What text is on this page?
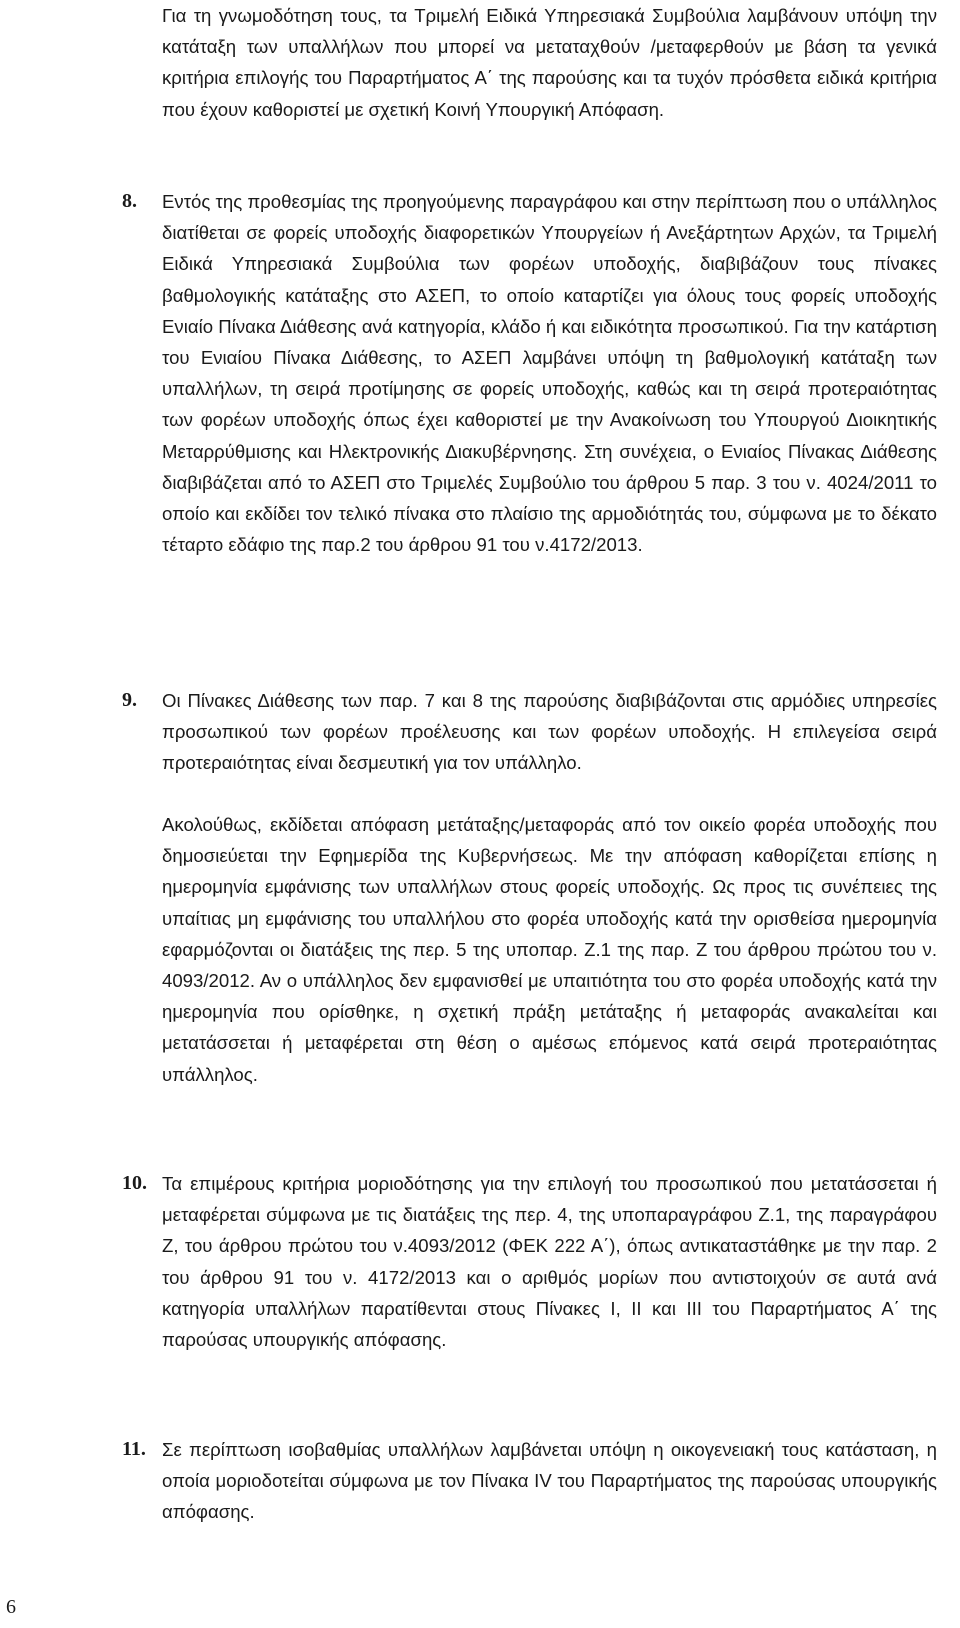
Για τη γνωμοδότηση τους, τα Τριμελή Ειδικά Υπηρεσιακά Συμβούλια λαμβάνουν υπόψη την κατάταξη των υπαλλήλων που μπορεί να μεταταχθούν /μεταφερθούν με βάση τα γενικά κριτήρια επιλογής του Παραρτήματος Α΄ της παρούσης και τα τυχόν πρόσθετα ειδικά κριτήρια που έχουν καθοριστεί με σχετική Κοινή Υπουργική Απόφαση.

8.	Εντός της προθεσμίας της προηγούμενης παραγράφου και στην περίπτωση που ο υπάλληλος διατίθεται σε φορείς υποδοχής διαφορετικών Υπουργείων ή Ανεξάρτητων Αρχών, τα Τριμελή Ειδικά Υπηρεσιακά Συμβούλια των φορέων υποδοχής, διαβιβάζουν τους πίνακες βαθμολογικής κατάταξης στο ΑΣΕΠ, το οποίο καταρτίζει για όλους τους φορείς υποδοχής Ενιαίο Πίνακα Διάθεσης ανά κατηγορία, κλάδο ή και ειδικότητα προσωπικού. Για την κατάρτιση του Ενιαίου Πίνακα Διάθεσης, το ΑΣΕΠ λαμβάνει υπόψη τη βαθμολογική κατάταξη των υπαλλήλων, τη σειρά προτίμησης σε φορείς υποδοχής, καθώς και τη σειρά προτεραιότητας των φορέων υποδοχής όπως έχει καθοριστεί με την Ανακοίνωση του Υπουργού Διοικητικής Μεταρρύθμισης και Ηλεκτρονικής Διακυβέρνησης. Στη συνέχεια, ο Ενιαίος Πίνακας Διάθεσης διαβιβάζεται από το ΑΣΕΠ στο Τριμελές Συμβούλιο του άρθρου 5 παρ. 3 του ν. 4024/2011 το οποίο και εκδίδει τον τελικό πίνακα στο πλαίσιο της αρμοδιότητάς του, σύμφωνα με το δέκατο τέταρτο εδάφιο της παρ.2 του άρθρου 91 του ν.4172/2013.

9.	Οι Πίνακες Διάθεσης των παρ. 7 και 8 της παρούσης διαβιβάζονται στις αρμόδιες υπηρεσίες προσωπικού των φορέων προέλευσης και των φορέων υποδοχής. Η επιλεγείσα σειρά προτεραιότητας είναι δεσμευτική για τον υπάλληλο.

Ακολούθως, εκδίδεται απόφαση μετάταξης/μεταφοράς από τον οικείο φορέα υποδοχής που δημοσιεύεται την Εφημερίδα της Κυβερνήσεως. Με την απόφαση καθορίζεται επίσης η ημερομηνία εμφάνισης των υπαλλήλων στους φορείς υποδοχής. Ως προς τις συνέπειες της υπαίτιας μη εμφάνισης του υπαλλήλου στο φορέα υποδοχής κατά την ορισθείσα ημερομηνία εφαρμόζονται οι διατάξεις της περ. 5 της υποπαρ. Ζ.1 της παρ. Ζ του άρθρου πρώτου του ν. 4093/2012. Αν ο υπάλληλος δεν εμφανισθεί με υπαιτιότητα του στο φορέα υποδοχής κατά την ημερομηνία που ορίσθηκε, η σχετική πράξη μετάταξης ή μεταφοράς ανακαλείται και μετατάσσεται ή μεταφέρεται στη θέση ο αμέσως επόμενος κατά σειρά προτεραιότητας υπάλληλος.

10. Τα επιμέρους κριτήρια μοριοδότησης για την επιλογή του προσωπικού που μετατάσσεται ή μεταφέρεται σύμφωνα με τις διατάξεις της περ. 4, της υποπαραγράφου Ζ.1, της παραγράφου Ζ, του άρθρου πρώτου του ν.4093/2012 (ΦΕΚ 222 Α΄), όπως αντικαταστάθηκε με την παρ. 2 του άρθρου 91 του ν. 4172/2013 και ο αριθμός μορίων που αντιστοιχούν σε αυτά ανά κατηγορία υπαλλήλων παρατίθενται στους Πίνακες Ι, ΙΙ και ΙΙΙ του Παραρτήματος Α΄ της παρούσας υπουργικής απόφασης.

11. Σε περίπτωση ισοβαθμίας υπαλλήλων λαμβάνεται υπόψη η οικογενειακή τους κατάσταση, η οποία μοριοδοτείται σύμφωνα με τον Πίνακα IV του Παραρτήματος της παρούσας υπουργικής απόφασης.

6
